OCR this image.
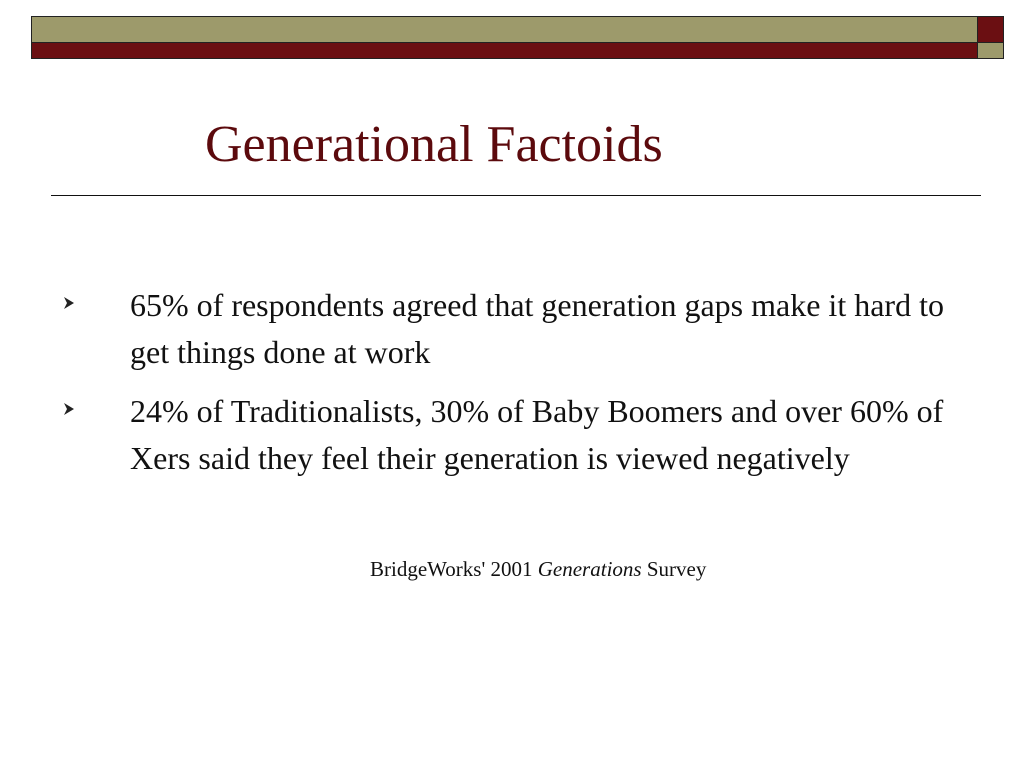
Generational Factoids
65% of respondents agreed that generation gaps make it hard to get things done at work
24% of Traditionalists, 30% of Baby Boomers and over 60% of Xers said they feel their generation is viewed negatively
BridgeWorks' 2001 Generations Survey
